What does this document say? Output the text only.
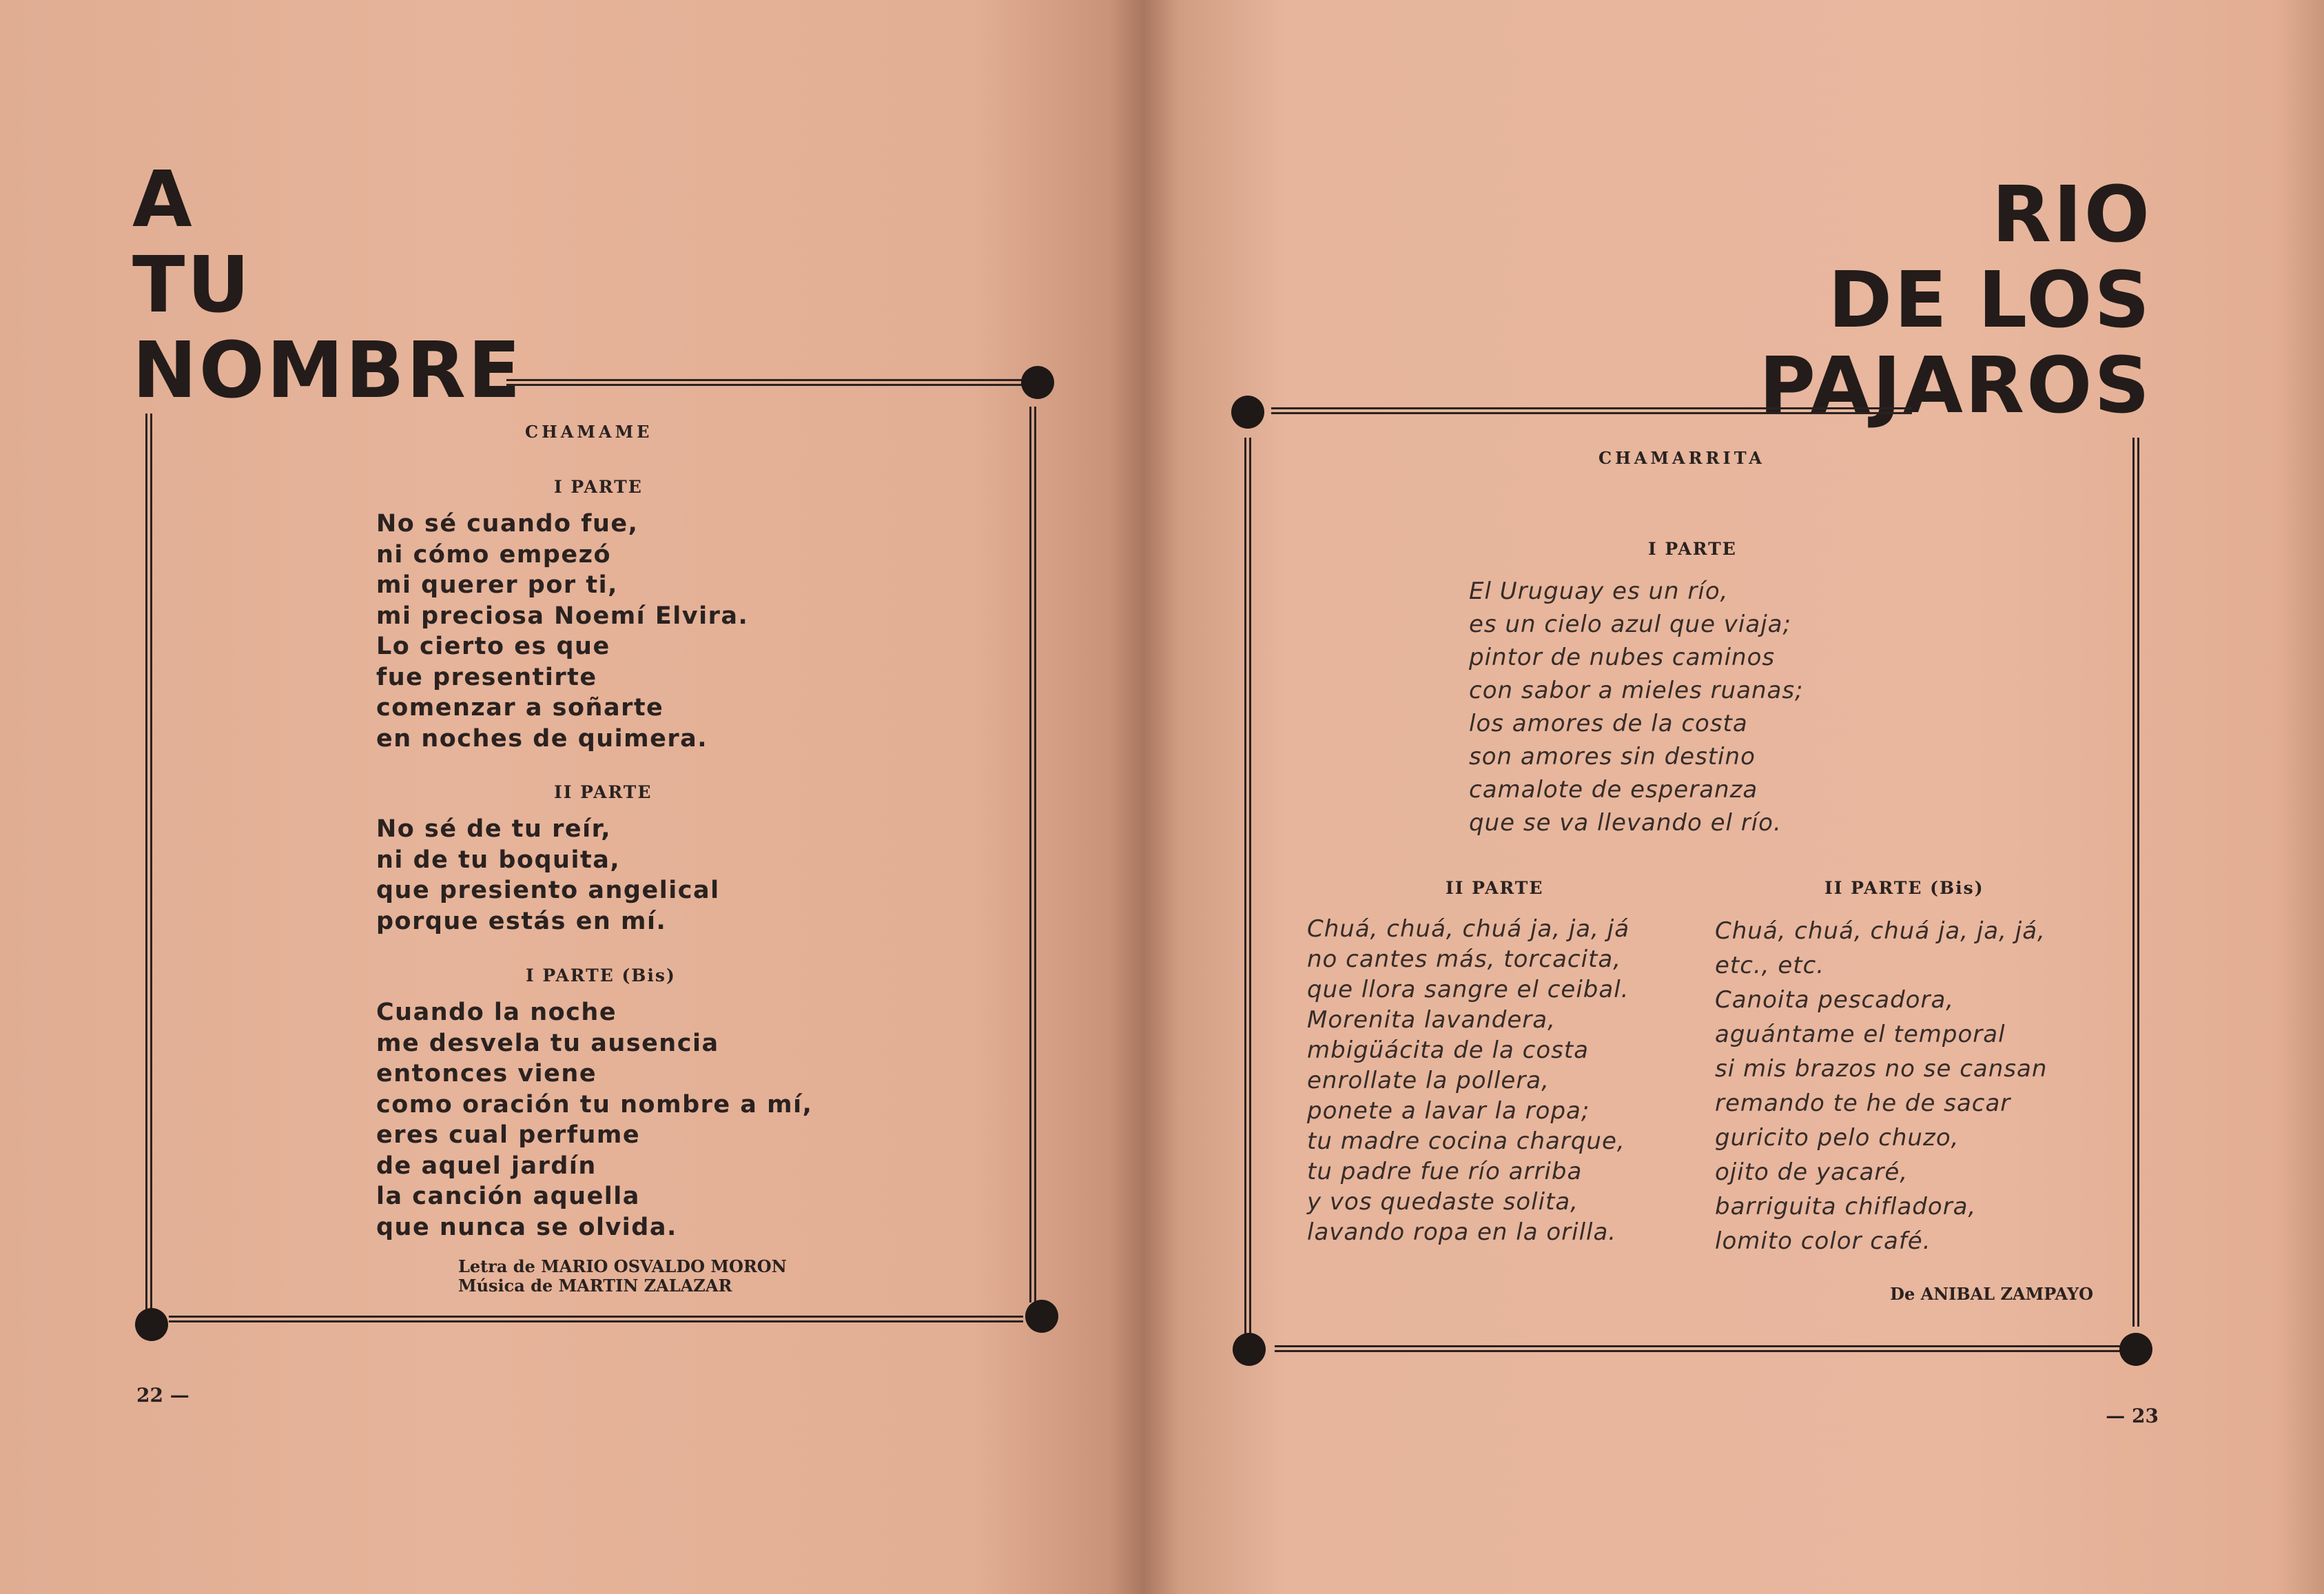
A
TU
NOMBRE
CHAMAME
I PARTE
No sé cuando fue,
ni cómo empezó
mi querer por ti,
mi preciosa Noemí Elvira.
Lo cierto es que
fue presentirte
comenzar a soñarte
en noches de quimera.
II PARTE
No sé de tu reír,
ni de tu boquita,
que presiento angelical
porque estás en mí.
I PARTE (Bis)
Cuando la noche
me desvela tu ausencia
entonces viene
como oración tu nombre a mí,
eres cual perfume
de aquel jardín
la canción aquella
que nunca se olvida.
Letra de MARIO OSVALDO MORON
Música de MARTIN ZALAZAR
22 —
RIO
DE LOS
PAJAROS
CHAMARRITA
I PARTE
El Uruguay es un río,
es un cielo azul que viaja;
pintor de nubes caminos
con sabor a mieles ruanas;
los amores de la costa
son amores sin destino
camalote de esperanza
que se va llevando el río.
II PARTE
Chuá, chuá, chuá ja, ja, já
no cantes más, torcacita,
que llora sangre el ceibal.
Morenita lavandera,
mbigüácita de la costa
enrollate la pollera,
ponete a lavar la ropa;
tu madre cocina charque,
tu padre fue río arriba
y vos quedaste solita,
lavando ropa en la orilla.
II PARTE (Bis)
Chuá, chuá, chuá ja, ja, já,
etc., etc.
Canoita pescadora,
aguántame el temporal
si mis brazos no se cansan
remando te he de sacar
guricito pelo chuzo,
ojito de yacaré,
barriguita chifladora,
lomito color café.
De ANIBAL ZAMPAYO
— 23
